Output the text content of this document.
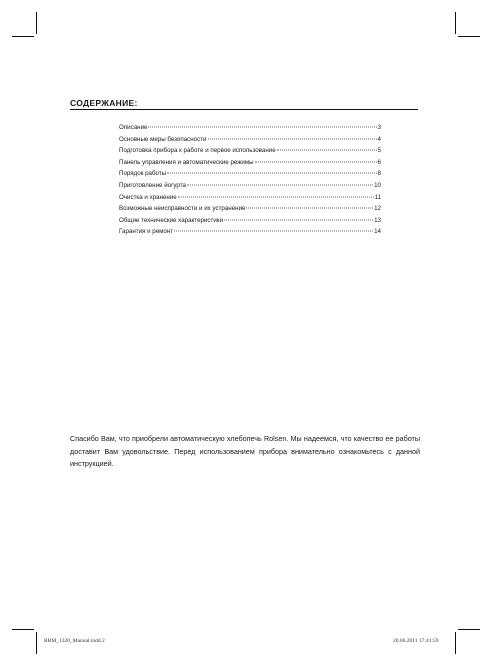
СОДЕРЖАНИЕ:
Описание	3
Основные меры безопасности	4
Подготовка прибора к работе и первое использование	5
Панель управления и автоматические режимы	6
Порядок работы	8
Приготовление йогурта	10
Очистка и хранение	11
Возможные неисправности и их устранение	12
Общие технические характеристики	13
Гарантия и ремонт	14
Спасибо Вам, что приобрели автоматическую хлебопечь Rolsen. Мы надеемся, что качество ее работы доставит Вам удовольствие. Перед использованием прибора внимательно ознакомьтесь с данной инструкцией.
RBM_1320_Manual.indd 2	20.06.2011 17:41:59
